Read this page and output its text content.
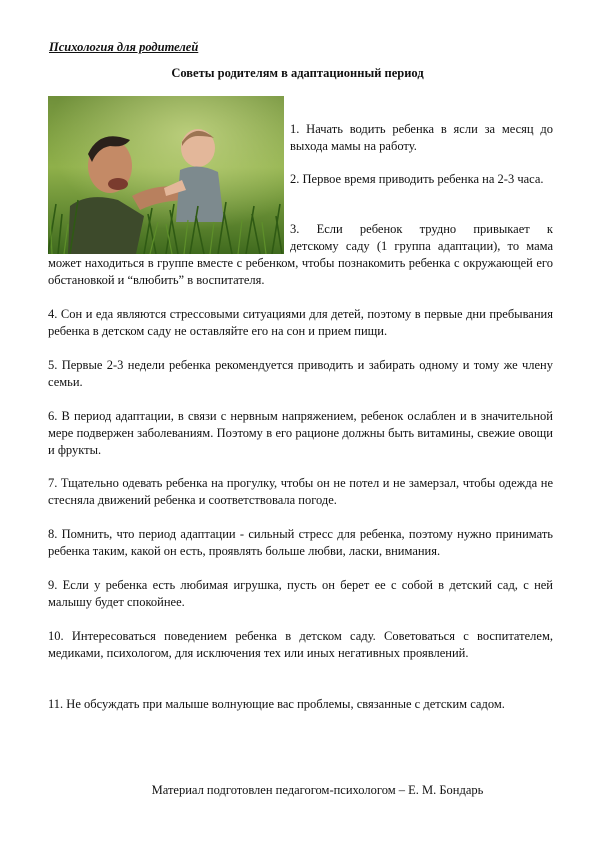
Психология для родителей

Советы родителям в адаптационный период

1. Начать водить ребенка в ясли за месяц до выхода мамы на работу.

2. Первое время приводить ребенка на 2-3 часа.

3. Если ребенок трудно привыкает к

детскому саду (1 группа адаптации), то мама может находиться в группе вместе с ребенком, чтобы познакомить ребенка с окружающей его обстановкой и “влюбить” в воспитателя.

4. Сон и еда являются стрессовыми ситуациями для детей, поэтому в первые дни пребывания ребенка в детском саду не оставляйте его на сон и прием пищи.

5. Первые 2-3 недели ребенка рекомендуется приводить и забирать одному и тому же члену семьи.

6. В период адаптации, в связи с нервным напряжением, ребенок ослаблен и в значительной мере подвержен заболеваниям. Поэтому в его рационе должны быть витамины, свежие овощи и фрукты.

7. Тщательно одевать ребенка на прогулку, чтобы он не потел и не замерзал, чтобы одежда не стесняла движений ребенка и соответствовала погоде.

8. Помнить, что период адаптации - сильный стресс для ребенка, поэтому нужно принимать ребенка таким, какой он есть, проявлять больше любви, ласки, внимания.

9. Если у ребенка есть любимая игрушка, пусть он берет ее с собой в детский сад, с ней малышу будет спокойнее.

10. Интересоваться поведением ребенка в детском саду. Советоваться с воспитателем, медиками, психологом, для исключения тех или иных негативных проявлений.

11. Не обсуждать при малыше волнующие вас проблемы, связанные с детским садом.

Материал подготовлен педагогом-психологом – Е. М. Бондарь
